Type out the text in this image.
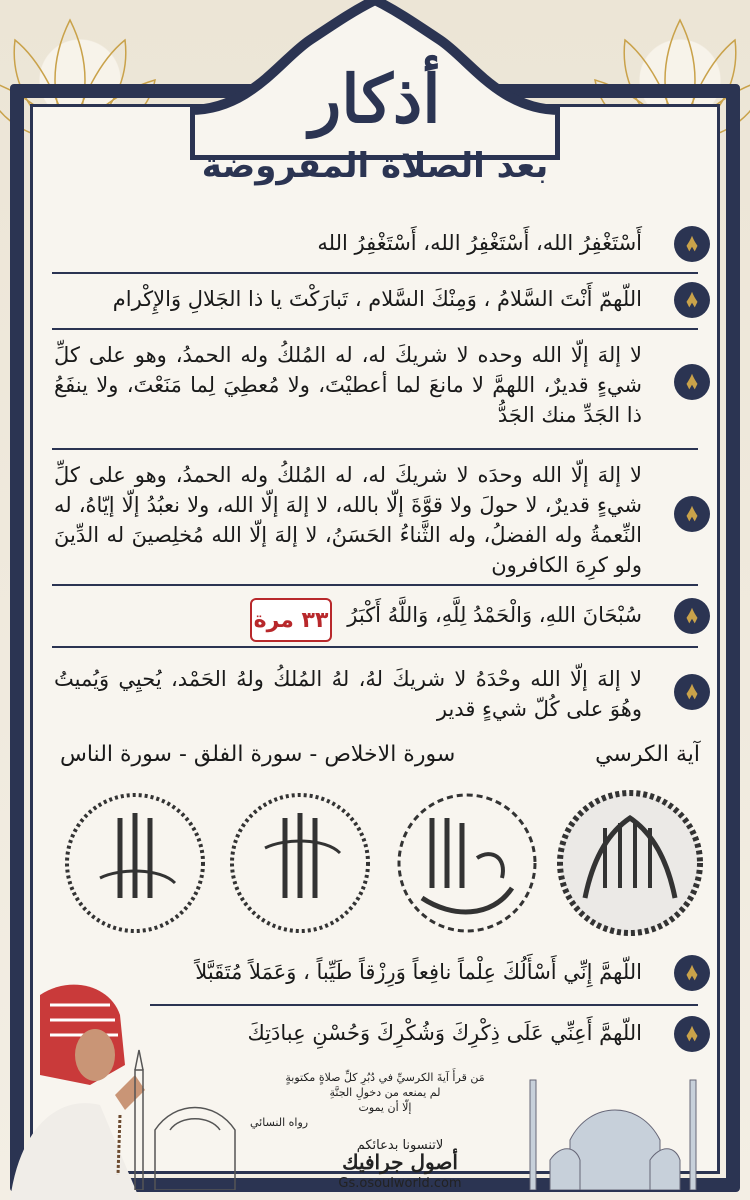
أذكار
بعد الصلاة المفروضة
أَسْتَغْفِرُ الله، أَسْتَغْفِرُ الله، أَسْتَغْفِرُ الله
اللّهمّ أَنْتَ السَّلامُ ، وَمِنْكَ السَّلام ، تَبارَكْتَ يا ذا الجَلالِ وَالإِكْرام
لا إلهَ إلّا الله وحده لا شريكَ له، له المُلكُ وله الحمدُ، وهو على كلِّ شيءٍ قديرٌ، اللهمَّ لا مانعَ لما أعطيْتَ، ولا مُعطِيَ لِما مَنَعْتَ، ولا ينفَعُ ذا الجَدِّ منك الجَدُّ
لا إلهَ إلّا الله وحدَه لا شريكَ له، له المُلكُ وله الحمدُ، وهو على كلِّ شيءٍ قديرٌ، لا حولَ ولا قوَّةَ إلّا بالله، لا إلهَ إلّا الله، ولا نعبُدُ إلّا إيّاهُ، له النِّعمةُ وله الفضلُ، وله الثَّناءُ الحَسَنُ، لا إلهَ إلّا الله مُخلِصينَ له الدِّينَ ولو كرِهَ الكافرون
سُبْحَانَ اللهِ، وَالْحَمْدُ لِلَّهِ، وَاللَّهُ أَكْبَرُ
٣٣ مرة
لا إلهَ إلّا الله وحْدَهُ لا شريكَ لهُ، لهُ المُلكُ ولهُ الحَمْد، يُحيِي وَيُميتُ وهُوَ على كُلّ شيءٍ قدير
آية الكرسي
سورة الاخلاص - سورة الفلق - سورة الناس
اللّهمَّ إِنِّي أَسْأَلُكَ عِلْماً نافِعاً وَرِزْقاً طَيِّباً ، وَعَمَلاً مُتَقَبَّلاً
اللّهمَّ أَعِنِّي عَلَى ذِكْرِكَ وَشُكْرِكَ وَحُسْنِ عِبادَتِكَ
مَن قرأَ آيةَ الكرسيِّ في دُبُرِ كلِّ صلاةٍ مكتوبةٍ
لم يمنعه من دخولِ الجنَّةِ
إلّا أن يموت
رواه النسائي
لاتنسونا بدعائكم
أصول جرافيك
Gs.osoulworld.com
